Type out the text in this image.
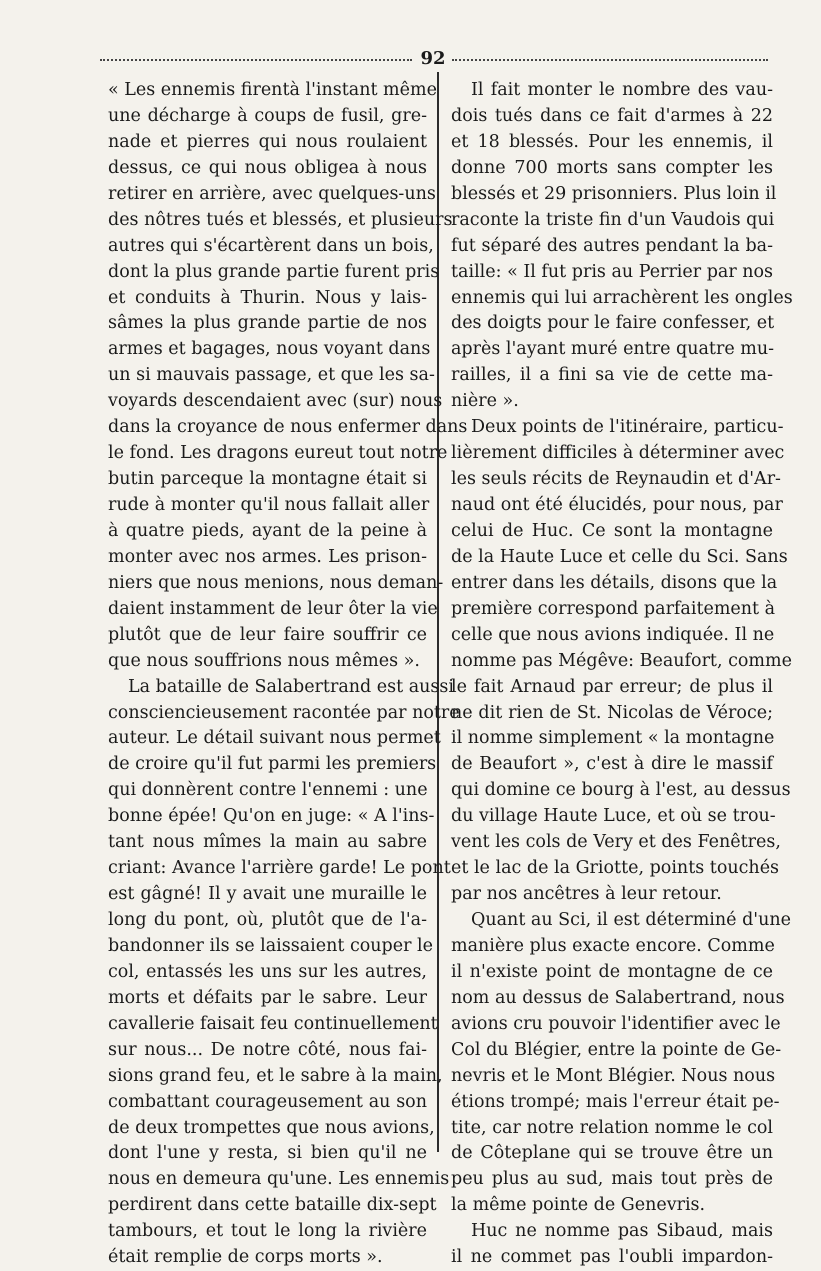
92

« Les ennemis firentà l'instant même
une décharge à coups de fusil, gre-
nade et pierres qui nous roulaient
dessus, ce qui nous obligea à nous
retirer en arrière, avec quelques-uns
des nôtres tués et blessés, et plusieurs
autres qui s'écartèrent dans un bois,
dont la plus grande partie furent pris
et conduits à Thurin. Nous y lais-
sâmes la plus grande partie de nos
armes et bagages, nous voyant dans
un si mauvais passage, et que les sa-
voyards descendaient avec (sur) nous
dans la croyance de nous enfermer dans
le fond. Les dragons eureut tout notre
butin parceque la montagne était si
rude à monter qu'il nous fallait aller
à quatre pieds, ayant de la peine à
monter avec nos armes. Les prison-
niers que nous menions, nous deman-
daient instamment de leur ôter la vie
plutôt que de leur faire souffrir ce
que nous souffrions nous mêmes ».

La bataille de Salabertrand est aussi
consciencieusement racontée par notre
auteur. Le détail suivant nous permet
de croire qu'il fut parmi les premiers
qui donnèrent contre l'ennemi : une
bonne épée! Qu'on en juge: « A l'ins-
tant nous mîmes la main au sabre
criant: Avance l'arrière garde! Le pont
est gâgné! Il y avait une muraille le
long du pont, où, plutôt que de l'a-
bandonner ils se laissaient couper le
col, entassés les uns sur les autres,
morts et défaits par le sabre. Leur
cavallerie faisait feu continuellement
sur nous... De notre côté, nous fai-
sions grand feu, et le sabre à la main,
combattant courageusement au son
de deux trompettes que nous avions,
dont l'une y resta, si bien qu'il ne
nous en demeura qu'une. Les ennemis
perdirent dans cette bataille dix-sept
tambours, et tout le long la rivière
était remplie de corps morts ».

Il fait monter le nombre des vau-
dois tués dans ce fait d'armes à 22
et 18 blessés. Pour les ennemis, il
donne 700 morts sans compter les
blessés et 29 prisonniers. Plus loin il
raconte la triste fin d'un Vaudois qui
fut séparé des autres pendant la ba-
taille: « Il fut pris au Perrier par nos
ennemis qui lui arrachèrent les ongles
des doigts pour le faire confesser, et
après l'ayant muré entre quatre mu-
railles, il a fini sa vie de cette ma-
nière ».

Deux points de l'itinéraire, particu-
lièrement difficiles à déterminer avec
les seuls récits de Reynaudin et d'Ar-
naud ont été élucidés, pour nous, par
celui de Huc. Ce sont la montagne
de la Haute Luce et celle du Sci. Sans
entrer dans les détails, disons que la
première correspond parfaitement à
celle que nous avions indiquée. Il ne
nomme pas Mégêve: Beaufort, comme
le fait Arnaud par erreur; de plus il
ne dit rien de St. Nicolas de Véroce;
il nomme simplement « la montagne
de Beaufort », c'est à dire le massif
qui domine ce bourg à l'est, au dessus
du village Haute Luce, et où se trou-
vent les cols de Very et des Fenêtres,
et le lac de la Griotte, points touchés
par nos ancêtres à leur retour.

Quant au Sci, il est déterminé d'une
manière plus exacte encore. Comme
il n'existe point de montagne de ce
nom au dessus de Salabertrand, nous
avions cru pouvoir l'identifier avec le
Col du Blégier, entre la pointe de Ge-
nevris et le Mont Blégier. Nous nous
étions trompé; mais l'erreur était pe-
tite, car notre relation nomme le col
de Côteplane qui se trouve être un
peu plus au sud, mais tout près de
la même pointe de Genevris.

Huc ne nomme pas Sibaud, mais
il ne commet pas l'oubli impardon-
